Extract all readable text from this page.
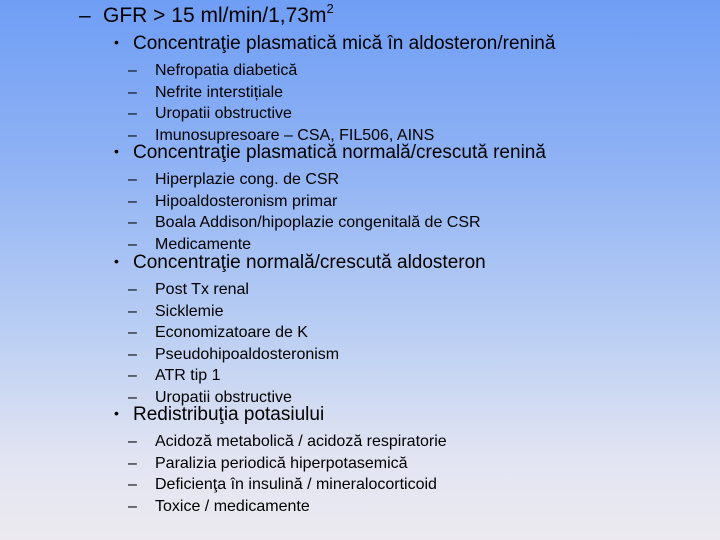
– GFR > 15 $ml/\min/1,73m^2$
• Concentraţie plasmatică mică în aldosteron/renină
– Nefropatia diabetică
– Nefrite interstițiale
– Uropatii obstructive
– Imunosupresoare – CSA, FIL506, AINS
• Concentraţie plasmatică normală/crescută renină
– Hiperplazie cong. de CSR
– Hipoaldosteronism primar
– Boala Addison/hipoplazie congenitală de CSR
– Medicamente
• Concentraţie normală/crescută aldosteron
– Post Tx renal
– Sicklemie
– Economizatoare de K
– Pseudohipoaldosteronism
– ATR tip 1
– Uropatii obstructive
• Redistribuţia potasiului
– Acidoză metabolică / acidoză respiratorie
– Paralizia periodică hiperpotasemică
– Deficienţa în insulină / mineralocorticoid
– Toxice / medicamente
